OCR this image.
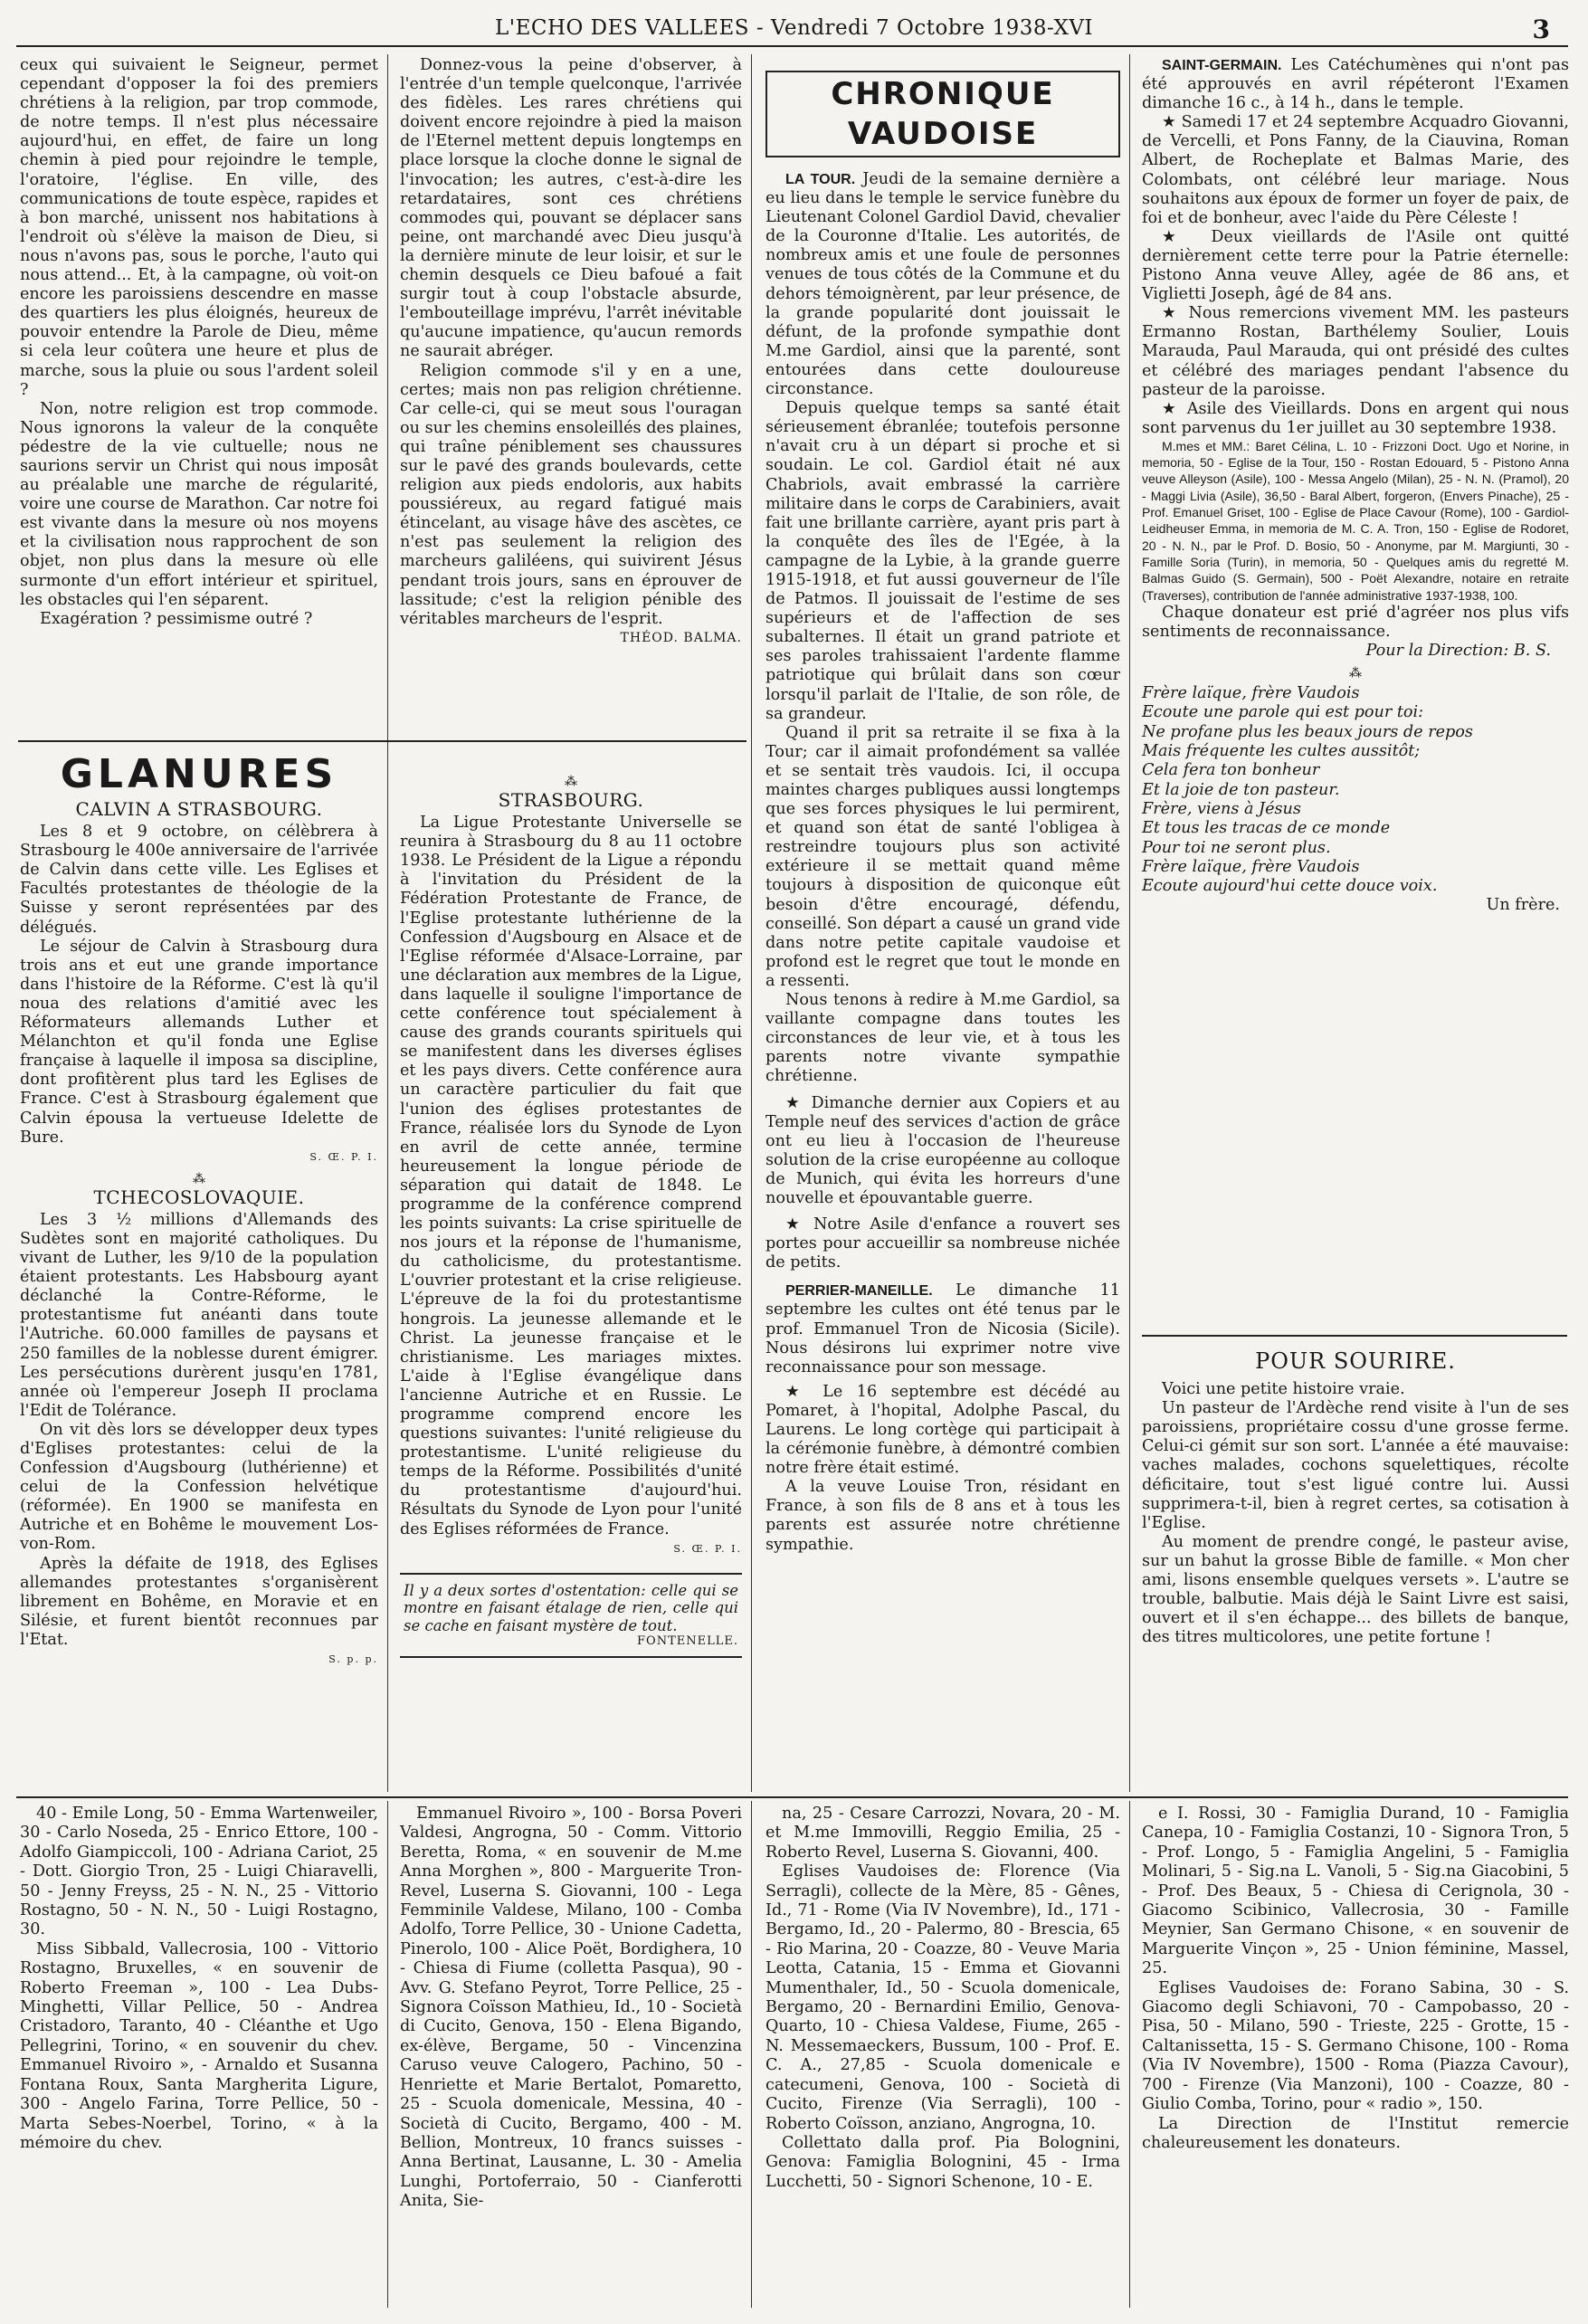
L'ECHO DES VALLEES - Vendredi 7 Octobre 1938-XVI	3

ceux qui suivaient le Seigneur, permet cependant d'opposer la foi des premiers chrétiens à la religion, par trop commode, de notre temps. Il n'est plus nécessaire aujourd'hui, en effet, de faire un long chemin à pied pour rejoindre le temple, l'oratoire, l'église. En ville, des communications de toute espèce, rapides et à bon marché, unissent nos habitations à l'endroit où s'élève la maison de Dieu, si nous n'avons pas, sous le porche, l'auto qui nous attend... Et, à la campagne, où voit-on encore les paroissiens descendre en masse des quartiers les plus éloignés, heureux de pouvoir entendre la Parole de Dieu, même si cela leur coûtera une heure et plus de marche, sous la pluie ou sous l'ardent soleil ?

Non, notre religion est trop commode. Nous ignorons la valeur de la conquête pédestre de la vie cultuelle; nous ne saurions servir un Christ qui nous imposât au préalable une marche de régularité, voire une course de Marathon. Car notre foi est vivante dans la mesure où nos moyens et la civilisation nous rapprochent de son objet, non plus dans la mesure où elle surmonte d'un effort intérieur et spirituel, les obstacles qui l'en séparent.

Exagération ? pessimisme outré ?

Donnez-vous la peine d'observer, à l'entrée d'un temple quelconque, l'arrivée des fidèles. Les rares chrétiens qui doivent encore rejoindre à pied la maison de l'Eternel mettent depuis longtemps en place lorsque la cloche donne le signal de l'invocation; les autres, c'est-à-dire les retardataires, sont ces chrétiens commodes qui, pouvant se déplacer sans peine, ont marchandé avec Dieu jusqu'à la dernière minute de leur loisir, et sur le chemin desquels ce Dieu bafoué a fait surgir tout à coup l'obstacle absurde, l'embouteillage imprévu, l'arrêt inévitable qu'aucune impatience, qu'aucun remords ne saurait abréger.

Religion commode s'il y en a une, certes; mais non pas religion chrétienne. Car celle-ci, qui se meut sous l'ouragan ou sur les chemins ensoleillés des plaines, qui traîne péniblement ses chaussures sur le pavé des grands boulevards, cette religion aux pieds endoloris, aux habits poussiéreux, au regard fatigué mais étincelant, au visage hâve des ascètes, ce n'est pas seulement la religion des marcheurs galiléens, qui suivirent Jésus pendant trois jours, sans en éprouver de lassitude; c'est la religion pénible des véritables marcheurs de l'esprit.

THÉOD. BALMA.

GLANURES
CALVIN A STRASBOURG.

Les 8 et 9 octobre, on célèbrera à Strasbourg le 400e anniversaire de l'arrivée de Calvin dans cette ville. Les Eglises et Facultés protestantes de théologie de la Suisse y seront représentées par des délégués.

Le séjour de Calvin à Strasbourg dura trois ans et eut une grande importance dans l'histoire de la Réforme. C'est là qu'il noua des relations d'amitié avec les Réformateurs allemands Luther et Mélanchton et qu'il fonda une Eglise française à laquelle il imposa sa discipline, dont profitèrent plus tard les Eglises de France. C'est à Strasbourg également que Calvin épousa la vertueuse Idelette de Bure.

S. Œ. P. I.

⁂
TCHECOSLOVAQUIE.

Les 3 ½ millions d'Allemands des Sudètes sont en majorité catholiques. Du vivant de Luther, les 9/10 de la population étaient protestants. Les Habsbourg ayant déclanché la Contre-Réforme, le protestantisme fut anéanti dans toute l'Autriche. 60.000 familles de paysans et 250 familles de la noblesse durent émigrer. Les persécutions durèrent jusqu'en 1781, année où l'empereur Joseph II proclama l'Edit de Tolérance.

On vit dès lors se développer deux types d'Eglises protestantes: celui de la Confession d'Augsbourg (luthérienne) et celui de la Confession helvétique (réformée). En 1900 se manifesta en Autriche et en Bohême le mouvement Los-von-Rom.

Après la défaite de 1918, des Eglises allemandes protestantes s'organisèrent librement en Bohême, en Moravie et en Silésie, et furent bientôt reconnues par l'Etat.

S. p. p.

⁂
STRASBOURG.

La Ligue Protestante Universelle se reunira à Strasbourg du 8 au 11 octobre 1938. Le Président de la Ligue a répondu à l'invitation du Président de la Fédération Protestante de France, de l'Eglise protestante luthérienne de la Confession d'Augsbourg en Alsace et de l'Eglise réformée d'Alsace-Lorraine, par une déclaration aux membres de la Ligue, dans laquelle il souligne l'importance de cette conférence tout spécialement à cause des grands courants spirituels qui se manifestent dans les diverses églises et les pays divers. Cette conférence aura un caractère particulier du fait que l'union des églises protestantes de France, réalisée lors du Synode de Lyon en avril de cette année, termine heureusement la longue période de séparation qui datait de 1848. Le programme de la conférence comprend les points suivants: La crise spirituelle de nos jours et la réponse de l'humanisme, du catholicisme, du protestantisme. L'ouvrier protestant et la crise religieuse. L'épreuve de la foi du protestantisme hongrois. La jeunesse allemande et le Christ. La jeunesse française et le christianisme. Les mariages mixtes. L'aide à l'Eglise évangélique dans l'ancienne Autriche et en Russie. Le programme comprend encore les questions suivantes: l'unité religieuse du protestantisme. L'unité religieuse du temps de la Réforme. Possibilités d'unité du protestantisme d'aujourd'hui. Résultats du Synode de Lyon pour l'unité des Eglises réformées de France.

S. Œ. P. I.

Il y a deux sortes d'ostentation: celle qui se montre en faisant étalage de rien, celle qui se cache en faisant mystère de tout.
FONTENELLE.
CHRONIQUE VAUDOISE

LA TOUR. Jeudi de la semaine dernière a eu lieu dans le temple le service funèbre du Lieutenant Colonel Gardiol David, chevalier de la Couronne d'Italie. Les autorités, de nombreux amis et une foule de personnes venues de tous côtés de la Commune et du dehors témoignèrent, par leur présence, de la grande popularité dont jouissait le défunt, de la profonde sympathie dont M.me Gardiol, ainsi que la parenté, sont entourées dans cette douloureuse circonstance.

Depuis quelque temps sa santé était sérieusement ébranlée; toutefois personne n'avait cru à un départ si proche et si soudain. Le col. Gardiol était né aux Chabriols, avait embrassé la carrière militaire dans le corps de Carabiniers, avait fait une brillante carrière, ayant pris part à la conquête des îles de l'Egée, à la campagne de la Lybie, à la grande guerre 1915-1918, et fut aussi gouverneur de l'île de Patmos. Il jouissait de l'estime de ses supérieurs et de l'affection de ses subalternes. Il était un grand patriote et ses paroles trahissaient l'ardente flamme patriotique qui brûlait dans son cœur lorsqu'il parlait de l'Italie, de son rôle, de sa grandeur.

Quand il prit sa retraite il se fixa à la Tour; car il aimait profondément sa vallée et se sentait très vaudois. Ici, il occupa maintes charges publiques aussi longtemps que ses forces physiques le lui permirent, et quand son état de santé l'obligea à restreindre toujours plus son activité extérieure il se mettait quand même toujours à disposition de quiconque eût besoin d'être encouragé, défendu, conseillé. Son départ a causé un grand vide dans notre petite capitale vaudoise et profond est le regret que tout le monde en a ressenti.

Nous tenons à redire à M.me Gardiol, sa vaillante compagne dans toutes les circonstances de leur vie, et à tous les parents notre vivante sympathie chrétienne.

★ Dimanche dernier aux Copiers et au Temple neuf des services d'action de grâce ont eu lieu à l'occasion de l'heureuse solution de la crise européenne au colloque de Munich, qui évita les horreurs d'une nouvelle et épouvantable guerre.

★ Notre Asile d'enfance a rouvert ses portes pour accueillir sa nombreuse nichée de petits.

PERRIER-MANEILLE. Le dimanche 11 septembre les cultes ont été tenus par le prof. Emmanuel Tron de Nicosia (Sicile). Nous désirons lui exprimer notre vive reconnaissance pour son message.

★ Le 16 septembre est décédé au Pomaret, à l'hopital, Adolphe Pascal, du Laurens. Le long cortège qui participait à la cérémonie funèbre, à démontré combien notre frère était estimé.

A la veuve Louise Tron, résidant en France, à son fils de 8 ans et à tous les parents est assurée notre chrétienne sympathie.

SAINT-GERMAIN. Les Catéchumènes qui n'ont pas été approuvés en avril répéteront l'Examen dimanche 16 c., à 14 h., dans le temple.

★ Samedi 17 et 24 septembre Acquadro Giovanni, de Vercelli, et Pons Fanny, de la Ciauvina, Roman Albert, de Rocheplate et Balmas Marie, des Colombats, ont célébré leur mariage. Nous souhaitons aux époux de former un foyer de paix, de foi et de bonheur, avec l'aide du Père Céleste !

★ Deux vieillards de l'Asile ont quitté dernièrement cette terre pour la Patrie éternelle: Pistono Anna veuve Alley, agée de 86 ans, et Viglietti Joseph, âgé de 84 ans.

★ Nous remercions vivement MM. les pasteurs Ermanno Rostan, Barthélemy Soulier, Louis Marauda, Paul Marauda, qui ont présidé des cultes et célébré des mariages pendant l'absence du pasteur de la paroisse.

★ Asile des Vieillards. Dons en argent qui nous sont parvenus du 1er juillet au 30 septembre 1938.

M.mes et MM.: Baret Célina, L. 10 - Frizzoni Doct. Ugo et Norine, in memoria, 50 - Eglise de la Tour, 150 - Rostan Edouard, 5 - Pistono Anna veuve Alleyson (Asile), 100 - Messa Angelo (Milan), 25 - N. N. (Pramol), 20 - Maggi Livia (Asile), 36,50 - Baral Albert, forgeron, (Envers Pinache), 25 - Prof. Emanuel Griset, 100 - Eglise de Place Cavour (Rome), 100 - Gardiol-Leidheuser Emma, in memoria de M. C. A. Tron, 150 - Eglise de Rodoret, 20 - N. N., par le Prof. D. Bosio, 50 - Anonyme, par M. Margiunti, 30 - Famille Soria (Turin), in memoria, 50 - Quelques amis du regretté M. Balmas Guido (S. Germain), 500 - Poët Alexandre, notaire en retraite (Traverses), contribution de l'année administrative 1937-1938, 100.

Chaque donateur est prié d'agréer nos plus vifs sentiments de reconnaissance.

Pour la Direction: B. S.

⁂
Frère laïque, frère Vaudois
Ecoute une parole qui est pour toi:
Ne profane plus les beaux jours de repos
Mais fréquente les cultes aussitôt;
Cela fera ton bonheur
Et la joie de ton pasteur.
Frère, viens à Jésus
Et tous les tracas de ce monde
Pour toi ne seront plus.
Frère laïque, frère Vaudois
Ecoute aujourd'hui cette douce voix.

Un frère.

POUR SOURIRE.

Voici une petite histoire vraie.

Un pasteur de l'Ardèche rend visite à l'un de ses paroissiens, propriétaire cossu d'une grosse ferme. Celui-ci gémit sur son sort. L'année a été mauvaise: vaches malades, cochons squelettiques, récolte déficitaire, tout s'est ligué contre lui. Aussi supprimera-t-il, bien à regret certes, sa cotisation à l'Eglise.

Au moment de prendre congé, le pasteur avise, sur un bahut la grosse Bible de famille. « Mon cher ami, lisons ensemble quelques versets ». L'autre se trouble, balbutie. Mais déjà le Saint Livre est saisi, ouvert et il s'en échappe... des billets de banque, des titres multicolores, une petite fortune !

40 - Emile Long, 50 - Emma Wartenweiler, 30 - Carlo Noseda, 25 - Enrico Ettore, 100 - Adolfo Giampiccoli, 100 - Adriana Cariot, 25 - Dott. Giorgio Tron, 25 - Luigi Chiaravelli, 50 - Jenny Freyss, 25 - N. N., 25 - Vittorio Rostagno, 50 - N. N., 50 - Luigi Rostagno, 30.

Miss Sibbald, Vallecrosia, 100 - Vittorio Rostagno, Bruxelles, « en souvenir de Roberto Freeman », 100 - Lea Dubs-Minghetti, Villar Pellice, 50 - Andrea Cristadoro, Taranto, 40 - Cléanthe et Ugo Pellegrini, Torino, « en souvenir du chev. Emmanuel Rivoiro », - Arnaldo et Susanna Fontana Roux, Santa Margherita Ligure, 300 - Angelo Farina, Torre Pellice, 50 - Marta Sebes-Noerbel, Torino, « à la mémoire du chev.

Emmanuel Rivoiro », 100 - Borsa Poveri Valdesi, Angrogna, 50 - Comm. Vittorio Beretta, Roma, « en souvenir de M.me Anna Morghen », 800 - Marguerite Tron-Revel, Luserna S. Giovanni, 100 - Lega Femminile Valdese, Milano, 100 - Comba Adolfo, Torre Pellice, 30 - Unione Cadetta, Pinerolo, 100 - Alice Poët, Bordighera, 10 - Chiesa di Fiume (colletta Pasqua), 90 - Avv. G. Stefano Peyrot, Torre Pellice, 25 - Signora Coïsson Mathieu, Id., 10 - Società di Cucito, Genova, 150 - Elena Bigando, ex-élève, Bergame, 50 - Vincenzina Caruso veuve Calogero, Pachino, 50 - Henriette et Marie Bertalot, Pomaretto, 25 - Scuola domenicale, Messina, 40 - Società di Cucito, Bergamo, 400 - M. Bellion, Montreux, 10 francs suisses - Anna Bertinat, Lausanne, L. 30 - Amelia Lunghi, Portoferraio, 50 - Cianferotti Anita, Sie-

na, 25 - Cesare Carrozzi, Novara, 20 - M. et M.me Immovilli, Reggio Emilia, 25 - Roberto Revel, Luserna S. Giovanni, 400.

Eglises Vaudoises de: Florence (Via Serragli), collecte de la Mère, 85 - Gênes, Id., 71 - Rome (Via IV Novembre), Id., 171 - Bergamo, Id., 20 - Palermo, 80 - Brescia, 65 - Rio Marina, 20 - Coazze, 80 - Veuve Maria Leotta, Catania, 15 - Emma et Giovanni Mumenthaler, Id., 50 - Scuola domenicale, Bergamo, 20 - Bernardini Emilio, Genova-Quarto, 10 - Chiesa Valdese, Fiume, 265 - N. Messemaeckers, Bussum, 100 - Prof. E. C. A., 27,85 - Scuola domenicale e catecumeni, Genova, 100 - Società di Cucito, Firenze (Via Serragli), 100 - Roberto Coïsson, anziano, Angrogna, 10.

Collettato dalla prof. Pia Bolognini, Genova: Famiglia Bolognini, 45 - Irma Lucchetti, 50 - Signori Schenone, 10 - E.

e I. Rossi, 30 - Famiglia Durand, 10 - Famiglia Canepa, 10 - Famiglia Costanzi, 10 - Signora Tron, 5 - Prof. Longo, 5 - Famiglia Angelini, 5 - Famiglia Molinari, 5 - Sig.na L. Vanoli, 5 - Sig.na Giacobini, 5 - Prof. Des Beaux, 5 - Chiesa di Cerignola, 30 - Giacomo Scibinico, Vallecrosia, 30 - Famille Meynier, San Germano Chisone, « en souvenir de Marguerite Vinçon », 25 - Union féminine, Massel, 25.

Eglises Vaudoises de: Forano Sabina, 30 - S. Giacomo degli Schiavoni, 70 - Campobasso, 20 - Pisa, 50 - Milano, 590 - Trieste, 225 - Grotte, 15 - Caltanissetta, 15 - S. Germano Chisone, 100 - Roma (Via IV Novembre), 1500 - Roma (Piazza Cavour), 700 - Firenze (Via Manzoni), 100 - Coazze, 80 - Giulio Comba, Torino, pour « radio », 150.

La Direction de l'Institut remercie chaleureusement les donateurs.
